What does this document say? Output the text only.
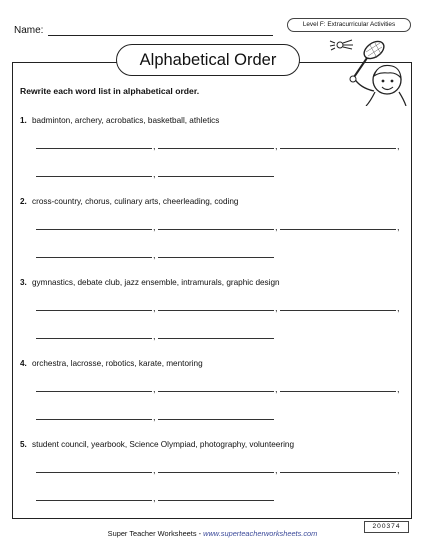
Name:
Level F: Extracurricular Activities
Alphabetical Order
Rewrite each word list in alphabetical order.
1. badminton, archery, acrobatics, basketball, athletics
,	,	,
,
2. cross-country, chorus, culinary arts, cheerleading, coding
,	,	,
,
3. gymnastics, debate club, jazz ensemble, intramurals, graphic design
,	,	,
,
4. orchestra, lacrosse, robotics, karate, mentoring
,	,	,
,
5. student council, yearbook, Science Olympiad, photography, volunteering
,	,	,
,
Super Teacher Worksheets - www.superteacherworksheets.com
200374
